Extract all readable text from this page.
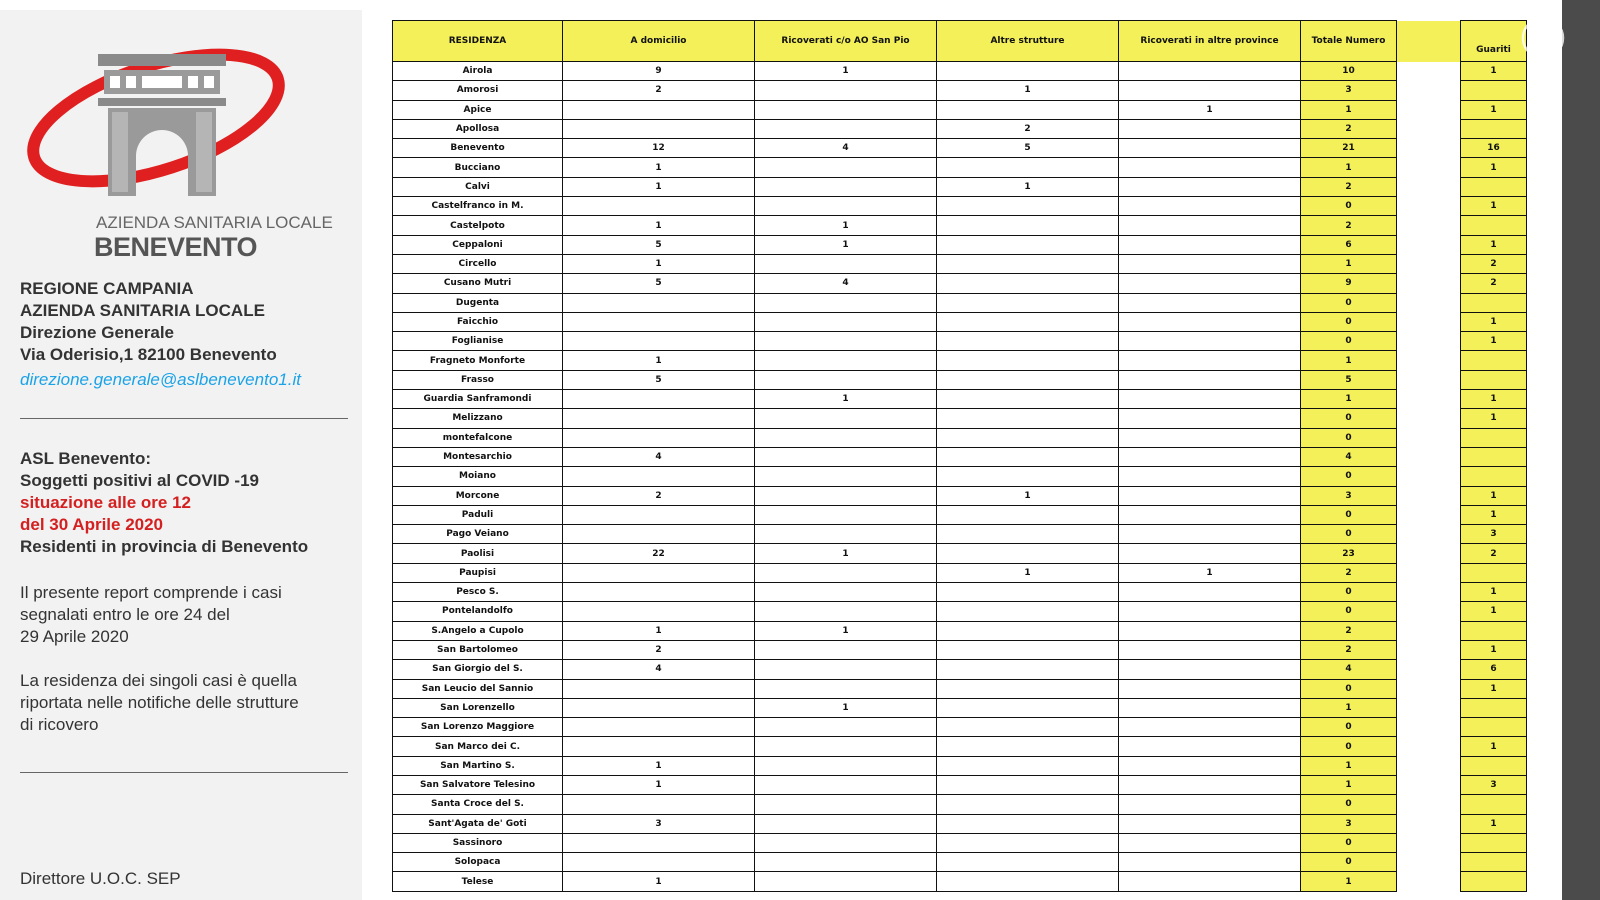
AZIENDA SANITARIA LOCALE
BENEVENTO
REGIONE CAMPANIA
AZIENDA SANITARIA LOCALE
Direzione Generale
Via Oderisio,1 82100 Benevento
direzione.generale@aslbenevento1.it
ASL Benevento:
Soggetti positivi al COVID -19
situazione alle ore 12
del 30 Aprile 2020
Residenti in provincia di Benevento
Il presente report comprende i casi
segnalati entro le ore 24 del
29 Aprile 2020
La residenza dei singoli casi è quella
riportata nelle notifiche delle strutture
di ricovero
Direttore U.O.C. SEP
RESIDENZA	A domicilio	Ricoverati c/o AO San Pio	Altre strutture	Ricoverati in altre province	Totale Numero		Guariti
Airola	9	1			10		1
Amorosi	2		1		3		
Apice				1	1		1
Apollosa			2		2		
Benevento	12	4	5		21		16
Bucciano	1				1		1
Calvi	1		1		2		
Castelfranco in M.					0		1
Castelpoto	1	1			2		
Ceppaloni	5	1			6		1
Circello	1				1		2
Cusano Mutri	5	4			9		2
Dugenta					0		
Faicchio					0		1
Foglianise					0		1
Fragneto Monforte	1				1		
Frasso	5				5		
Guardia Sanframondi		1			1		1
Melizzano					0		1
montefalcone					0		
Montesarchio	4				4		
Moiano					0		
Morcone	2		1		3		1
Paduli					0		1
Pago Veiano					0		3
Paolisi	22	1			23		2
Paupisi			1	1	2		
Pesco S.					0		1
Pontelandolfo					0		1
S.Angelo a Cupolo	1	1			2		
San Bartolomeo	2				2		1
San Giorgio del S.	4				4		6
San Leucio del Sannio					0		1
San Lorenzello		1			1		
San Lorenzo Maggiore					0		
San Marco dei C.					0		1
San Martino S.	1				1		
San Salvatore Telesino	1				1		3
Santa Croce del S.					0		
Sant'Agata de' Goti	3				3		1
Sassinoro					0		
Solopaca					0		
Telese	1				1		
58
